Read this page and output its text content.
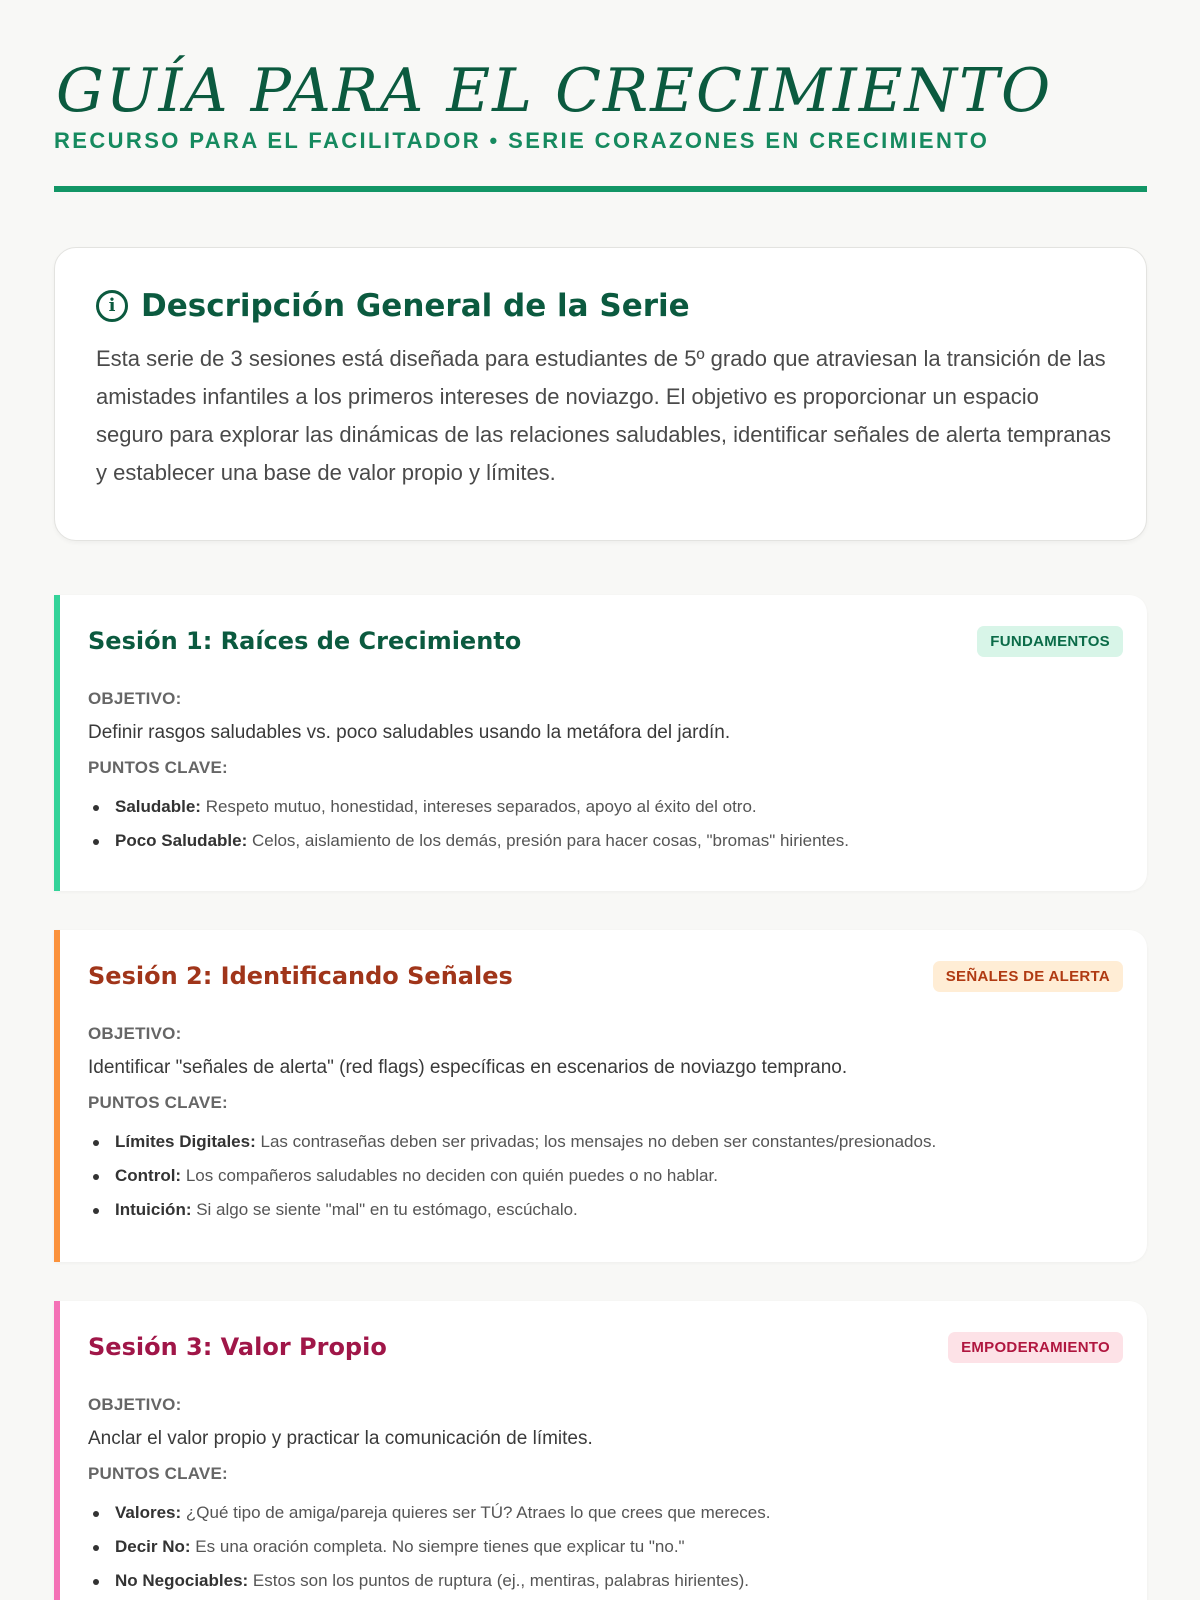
GUÍA PARA EL CRECIMIENTO
RECURSO PARA EL FACILITADOR • SERIE CORAZONES EN CRECIMIENTO
i Descripción General de la Serie

Esta serie de 3 sesiones está diseñada para estudiantes de 5º grado que atraviesan la transición de las amistades infantiles a los primeros intereses de noviazgo. El objetivo es proporcionar un espacio seguro para explorar las dinámicas de las relaciones saludables, identificar señales de alerta tempranas y establecer una base de valor propio y límites.

Sesión 1: Raíces de Crecimiento	FUNDAMENTOS
OBJETIVO:
Definir rasgos saludables vs. poco saludables usando la metáfora del jardín.
PUNTOS CLAVE:
Saludable: Respeto mutuo, honestidad, intereses separados, apoyo al éxito del otro.
Poco Saludable: Celos, aislamiento de los demás, presión para hacer cosas, "bromas" hirientes.
Sesión 2: Identificando Señales	SEÑALES DE ALERTA
OBJETIVO:
Identificar "señales de alerta" (red flags) específicas en escenarios de noviazgo temprano.
PUNTOS CLAVE:
Límites Digitales: Las contraseñas deben ser privadas; los mensajes no deben ser constantes/presionados.
Control: Los compañeros saludables no deciden con quién puedes o no hablar.
Intuición: Si algo se siente "mal" en tu estómago, escúchalo.
Sesión 3: Valor Propio	EMPODERAMIENTO
OBJETIVO:
Anclar el valor propio y practicar la comunicación de límites.
PUNTOS CLAVE:
Valores: ¿Qué tipo de amiga/pareja quieres ser TÚ? Atraes lo que crees que mereces.
Decir No: Es una oración completa. No siempre tienes que explicar tu "no."
No Negociables: Estos son los puntos de ruptura (ej., mentiras, palabras hirientes).
